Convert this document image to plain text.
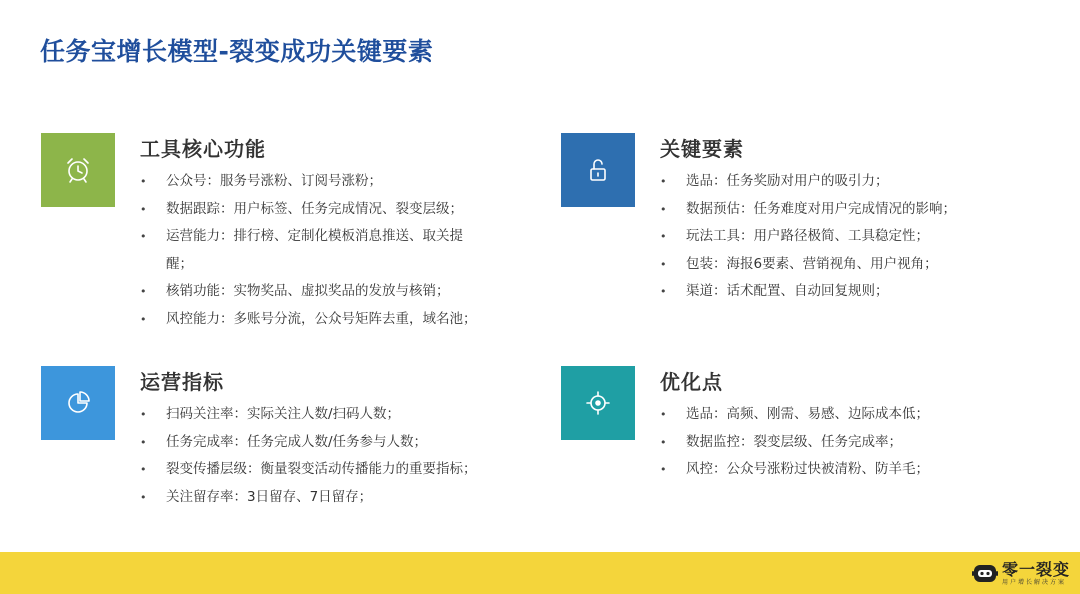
任务宝增长模型-裂变成功关键要素
工具核心功能
• 公众号：服务号涨粉、订阅号涨粉；
• 数据跟踪：用户标签、任务完成情况、裂变层级；
• 运营能力：排行榜、定制化模板消息推送、取关提
醒；
• 核销功能：实物奖品、虚拟奖品的发放与核销；
• 风控能力：多账号分流，公众号矩阵去重，域名池；
关键要素
• 选品：任务奖励对用户的吸引力；
• 数据预估：任务难度对用户完成情况的影响；
• 玩法工具：用户路径极简、工具稳定性；
• 包装：海报6要素、营销视角、用户视角；
• 渠道：话术配置、自动回复规则；
运营指标
• 扫码关注率：实际关注人数/扫码人数；
• 任务完成率：任务完成人数/任务参与人数；
• 裂变传播层级：衡量裂变活动传播能力的重要指标；
• 关注留存率：3日留存、7日留存；
优化点
• 选品：高频、刚需、易感、边际成本低；
• 数据监控：裂变层级、任务完成率；
• 风控：公众号涨粉过快被清粉、防羊毛；
零一裂变
用户增长解决方案
